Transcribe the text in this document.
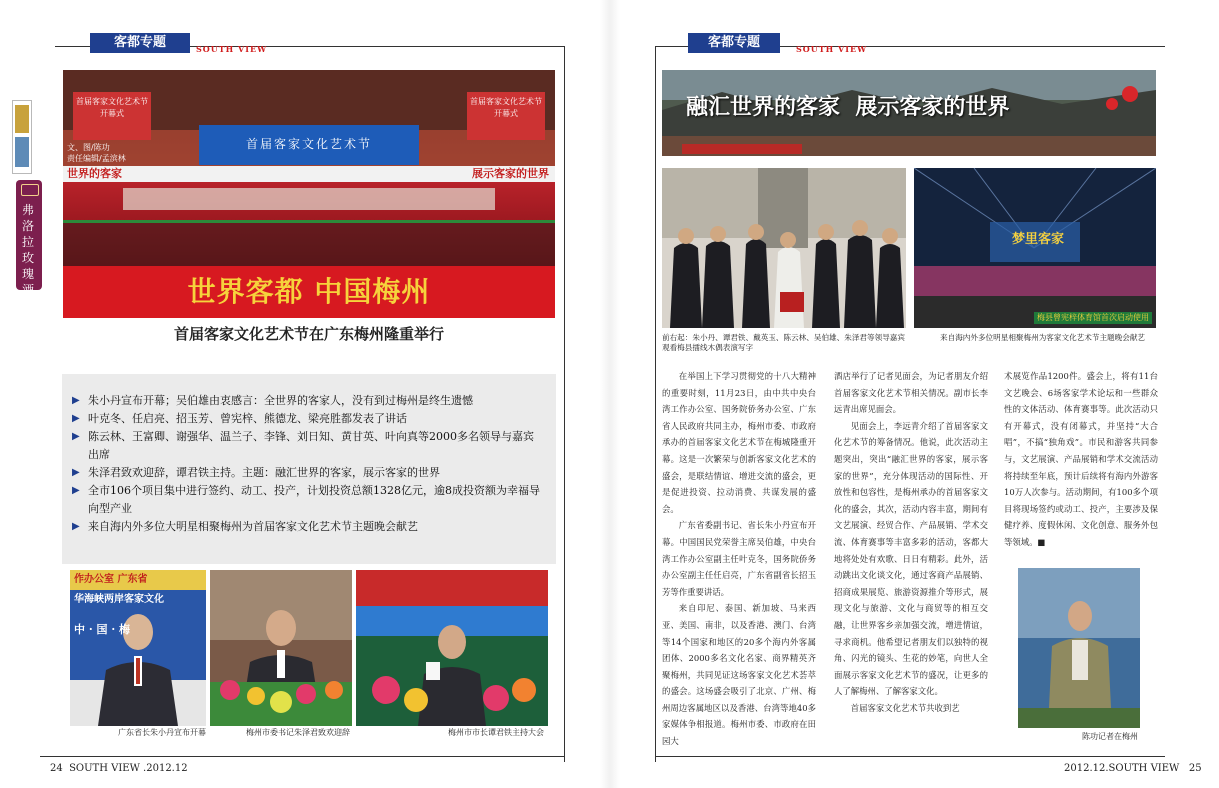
客都专题	SOUTH VIEW
弗洛拉玫瑰酒
首届客家文化艺术节 开幕式
首届客家文化艺术节 开幕式
首届客家文化艺术节
世界的客家	展示客家的世界
文、图/陈功
责任编辑/孟滨林
世界客都 中国梅州
首届客家文化艺术节在广东梅州隆重举行
▶ 朱小丹宣布开幕；吴伯雄由衷感言：全世界的客家人，没有到过梅州是终生遗憾
▶ 叶克冬、任启亮、招玉芳、曾宪梓、熊德龙、梁亮胜都发表了讲话
▶ 陈云林、王富卿、谢强华、温兰子、李锋、刘日知、黄甘英、叶向真等2000多名领导与嘉宾出席
▶ 朱泽君致欢迎辞，谭君铁主持。主题：融汇世界的客家，展示客家的世界
▶ 全市106个项目集中进行签约、动工、投产，计划投资总额1328亿元，逾8成投资额为幸福导向型产业
▶ 来自海内外多位大明星相聚梅州为首届客家文化艺术节主题晚会献艺
作办公室 广东省
华海峡两岸客家文化
中 · 国 · 梅
广东省长朱小丹宣布开幕	梅州市委书记朱泽君致欢迎辞	梅州市市长谭君铁主持大会
24  SOUTH VIEW .2012.12
客都专题	SOUTH VIEW
融汇世界的客家  展示客家的世界
梦里客家
梅县曾宪梓体育馆首次启动使用
前右起：朱小丹、谭君铁、戴英玉、陈云林、吴伯雄、朱泽君等领导嘉宾观看梅县擂线木偶表演写字
来自海内外多位明星相聚梅州为客家文化艺术节主题晚会献艺

在举国上下学习贯彻党的十八大精神的重要时刻，11月23日，由中共中央台湾工作办公室、国务院侨务办公室、广东省人民政府共同主办，梅州市委、市政府承办的首届客家文化艺术节在梅城隆重开幕。这是一次繁荣与创新客家文化艺术的盛会，是联结情谊、增进交流的盛会，更是促进投资、拉动消费、共谋发展的盛会。

广东省委副书记、省长朱小丹宣布开幕。中国国民党荣誉主席吴伯雄，中央台湾工作办公室副主任叶克冬，国务院侨务办公室副主任任启亮，广东省副省长招玉芳等作重要讲话。

来自印尼、泰国、新加坡、马来西亚、美国、南非，以及香港、澳门、台湾等14个国家和地区的20多个海内外客属团体、2000多名文化名家、商界精英齐聚梅州，共同见证这场客家文化艺术荟萃的盛会。这场盛会吸引了北京、广州、梅州周边客属地区以及香港、台湾等地40多家媒体争相报道。梅州市委、市政府在田园大

酒店举行了记者见面会，为记者朋友介绍首届客家文化艺术节相关情况。副市长李远青出席见面会。

见面会上，李远青介绍了首届客家文化艺术节的筹备情况。他说，此次活动主题突出，突出“融汇世界的客家，展示客家的世界”，充分体现活动的国际性、开放性和包容性，是梅州承办的首届客家文化的盛会，其次，活动内容丰富，期间有文艺展演、经贸合作、产品展销、学术交流、体育赛事等丰富多彩的活动，客都大地将处处有欢歌、日日有精彩。此外，活动跳出文化谈文化，通过客商产品展销、招商成果展览、旅游资源推介等形式，展现文化与旅游、文化与商贸等的相互交融，让世界客乡亲加强交流，增进情谊，寻求商机。他希望记者朋友们以独特的视角、闪光的镜头、生花的妙笔，向世人全面展示客家文化艺术节的盛况，让更多的人了解梅州、了解客家文化。

首届客家文化艺术节共收到艺

术展览作品1200件。盛会上，将有11台文艺晚会、6场客家学术论坛和一些群众性的文体活动、体育赛事等。此次活动只有开幕式，没有闭幕式，并坚持“大合唱”，不搞“独角戏”。市民和游客共同参与，文艺展演、产品展销和学术交流活动将持续至年底，预计后续将有海内外游客10万人次参与。活动期间，有100多个项目将现场签约或动工、投产，主要涉及保健疗养、度假休闲、文化创意、服务外包等领域。■

陈功记者在梅州
2012.12.SOUTH VIEW   25
